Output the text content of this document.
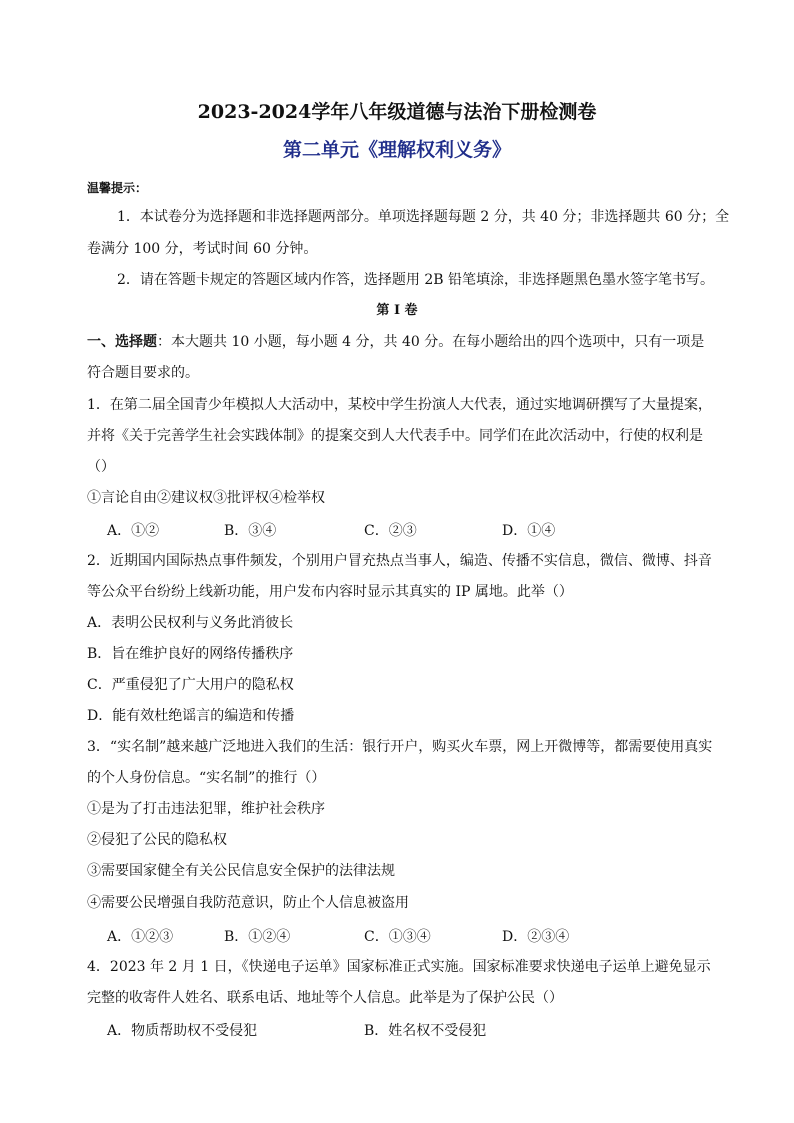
2023-2024学年八年级道德与法治下册检测卷
第二单元《理解权利义务》
温馨提示：
1．本试卷分为选择题和非选择题两部分。单项选择题每题 2 分，共 40 分；非选择题共 60 分；全
卷满分 100 分，考试时间 60 分钟。
2．请在答题卡规定的答题区域内作答，选择题用 2B 铅笔填涂，非选择题黑色墨水签字笔书写。
第 I 卷
一、选择题：本大题共 10 小题，每小题 4 分，共 40 分。在每小题给出的四个选项中，只有一项是
符合题目要求的。
1．在第二届全国青少年模拟人大活动中，某校中学生扮演人大代表，通过实地调研撰写了大量提案，
并将《关于完善学生社会实践体制》的提案交到人大代表手中。同学们在此次活动中，行使的权利是
（）
①言论自由②建议权③批评权④检举权
A．①②	B．③④	C．②③	D．①④
2．近期国内国际热点事件频发，个别用户冒充热点当事人，编造、传播不实信息，微信、微博、抖音
等公众平台纷纷上线新功能，用户发布内容时显示其真实的 IP 属地。此举（）
A．表明公民权利与义务此消彼长
B．旨在维护良好的网络传播秩序
C．严重侵犯了广大用户的隐私权
D．能有效杜绝谣言的编造和传播
3．“实名制”越来越广泛地进入我们的生活：银行开户，购买火车票，网上开微博等，都需要使用真实
的个人身份信息。“实名制”的推行（）
①是为了打击违法犯罪，维护社会秩序
②侵犯了公民的隐私权
③需要国家健全有关公民信息安全保护的法律法规
④需要公民增强自我防范意识，防止个人信息被盗用
A．①②③	B．①②④	C．①③④	D．②③④
4．2023 年 2 月 1 日，《快递电子运单》国家标准正式实施。国家标准要求快递电子运单上避免显示
完整的收寄件人姓名、联系电话、地址等个人信息。此举是为了保护公民（）
A．物质帮助权不受侵犯	B．姓名权不受侵犯
